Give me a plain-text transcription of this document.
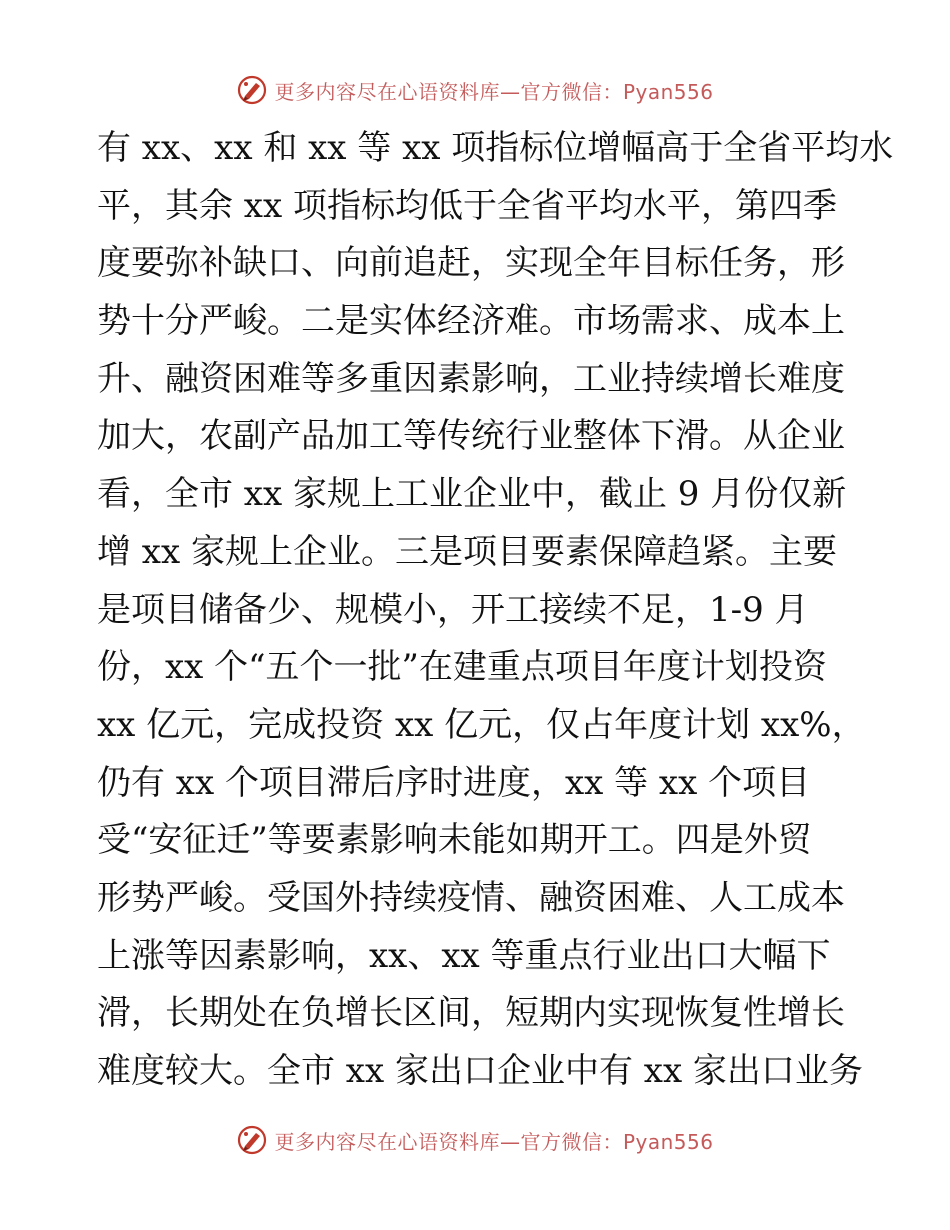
更多内容尽在心语资料库—官方微信：Pyan556
有 xx、xx 和 xx 等 xx 项指标位增幅高于全省平均水
平，其余 xx 项指标均低于全省平均水平，第四季
度要弥补缺口、向前追赶，实现全年目标任务，形
势十分严峻。二是实体经济难。市场需求、成本上
升、融资困难等多重因素影响，工业持续增长难度
加大，农副产品加工等传统行业整体下滑。从企业
看，全市 xx 家规上工业企业中，截止 9 月份仅新
增 xx 家规上企业。三是项目要素保障趋紧。主要
是项目储备少、规模小，开工接续不足，1-9 月
份，xx 个“五个一批”在建重点项目年度计划投资
xx 亿元，完成投资 xx 亿元，仅占年度计划 xx%，
仍有 xx 个项目滞后序时进度，xx 等 xx 个项目
受“安征迁”等要素影响未能如期开工。四是外贸
形势严峻。受国外持续疫情、融资困难、人工成本
上涨等因素影响，xx、xx 等重点行业出口大幅下
滑，长期处在负增长区间，短期内实现恢复性增长
难度较大。全市 xx 家出口企业中有 xx 家出口业务
更多内容尽在心语资料库—官方微信：Pyan556
